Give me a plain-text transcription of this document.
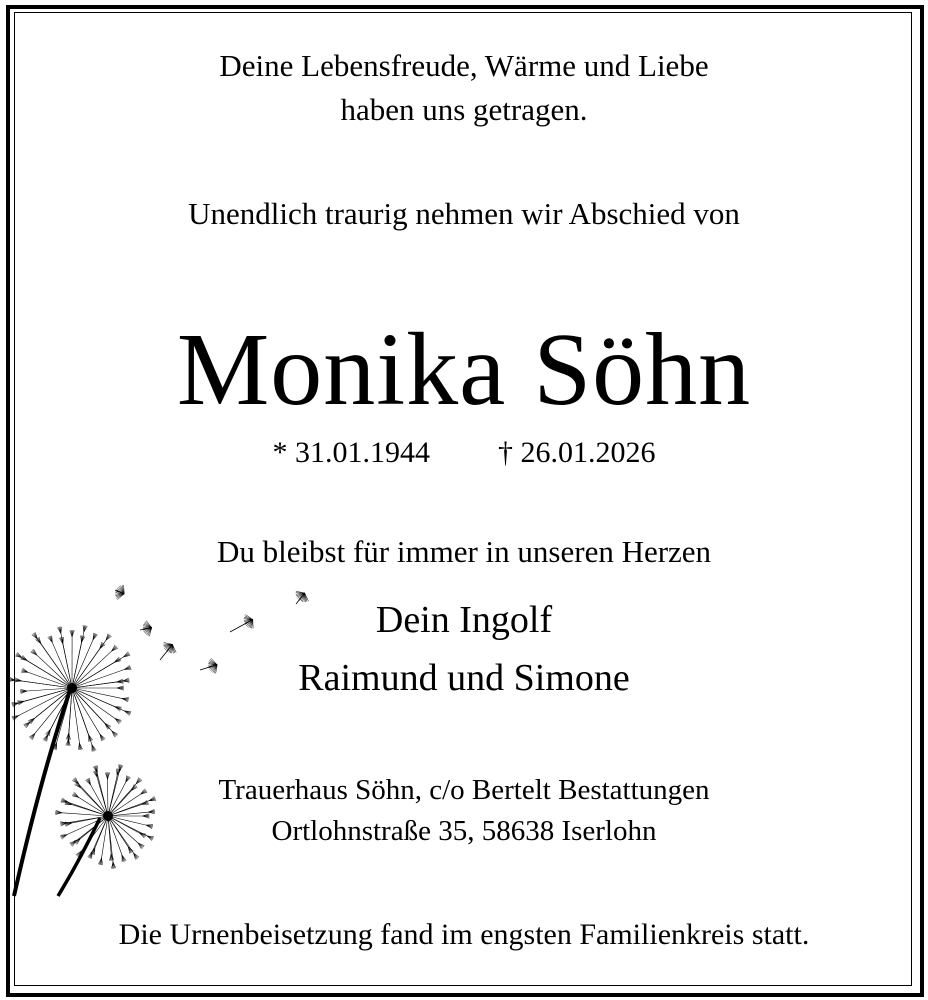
Deine Lebensfreude, Wärme und Liebe
haben uns getragen.
Unendlich traurig nehmen wir Abschied von
Monika Söhn
* 31.01.1944 † 26.01.2026
Du bleibst für immer in unseren Herzen
Dein Ingolf
Raimund und Simone
Trauerhaus Söhn, c/o Bertelt Bestattungen
Ortlohnstraße 35, 58638 Iserlohn
Die Urnenbeisetzung fand im engsten Familienkreis statt.
